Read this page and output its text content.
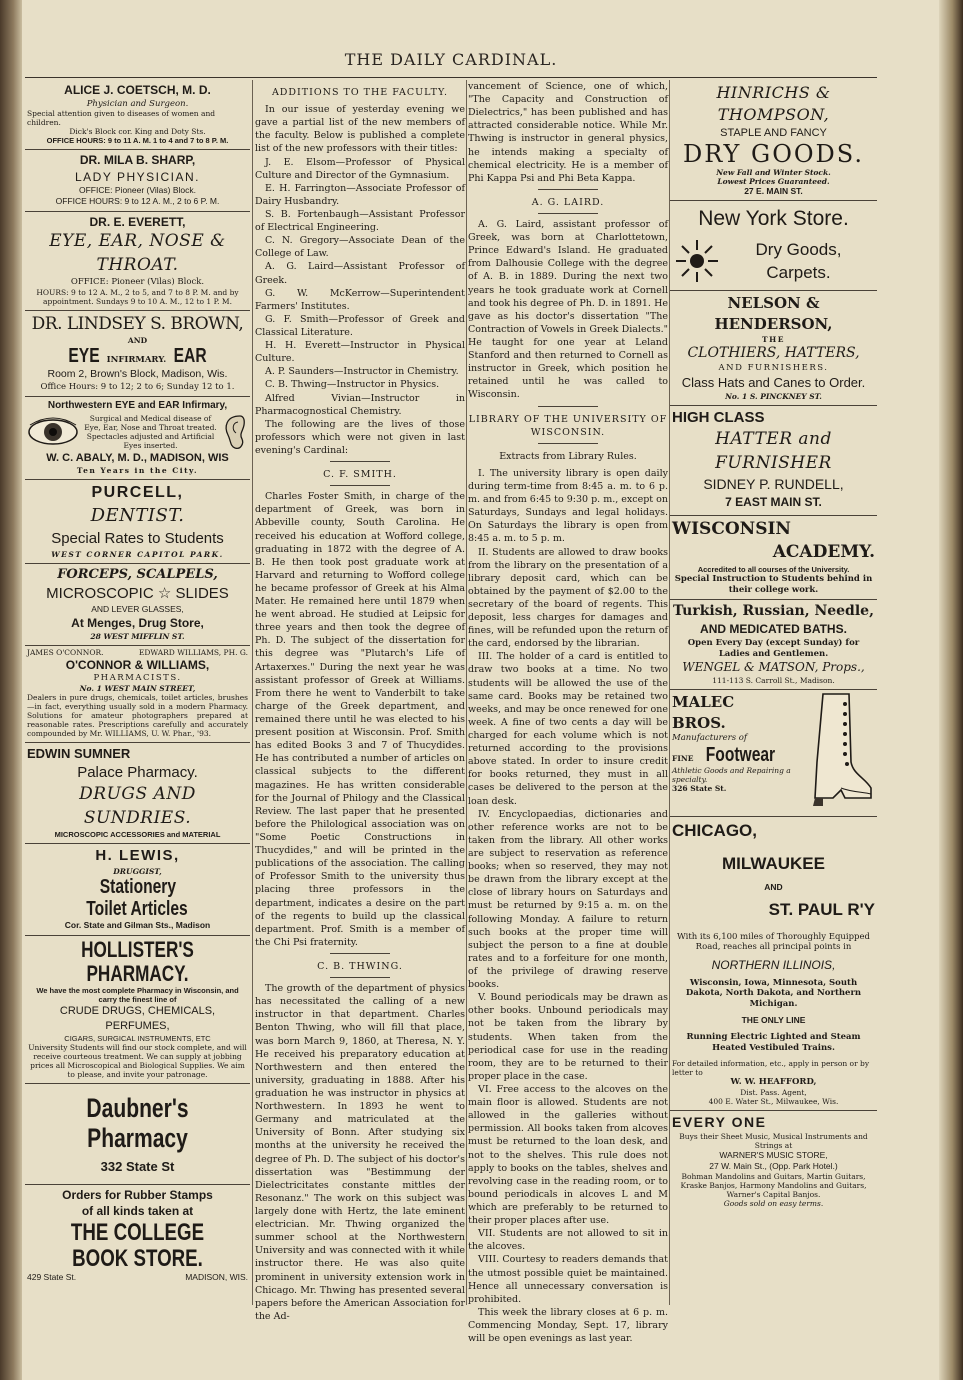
THE DAILY CARDINAL.
ALICE J. COETSCH, M. D.
Physician and Surgeon.
Special attention given to diseases of women and children.
Dick's Block cor. King and Doty Sts.
OFFICE HOURS: 9 to 11 A. M. 1 to 4 and 7 to 8 P. M.
DR. MILA B. SHARP,
LADY PHYSICIAN.
OFFICE: Pioneer (Vilas) Block.
OFFICE HOURS: 9 to 12 A. M., 2 to 6 P. M.
DR. E. EVERETT,
EYE, EAR, NOSE & THROAT.
OFFICE: Pioneer (Vilas) Block.
HOURS: 9 to 12 A. M., 2 to 5, and 7 to 8 P. M. and by appointment. Sundays 9 to 10 A. M., 12 to 1 P. M.
DR. LINDSEY S. BROWN,
AND
EYE INFIRMARY. EAR
Room 2, Brown's Block, Madison, Wis.
Office Hours: 9 to 12; 2 to 6; Sunday 12 to 1.
Northwestern EYE and EAR Infirmary,
Surgical and Medical disease of Eye, Ear, Nose and Throat treated. Spectacles adjusted and Artificial Eyes inserted.
W. C. ABALY, M. D., MADISON, WIS
Ten Years in the City.
PURCELL,
DENTIST.
Special Rates to Students
WEST CORNER CAPITOL PARK.
FORCEPS, SCALPELS,
MICROSCOPIC ☆ SLIDES
AND LEVER GLASSES,
At Menges, Drug Store,
28 WEST MIFFLIN ST.
JAMES O'CONNOR.	EDWARD WILLIAMS, PH. G.
O'CONNOR & WILLIAMS,
PHARMACISTS.
No. 1 WEST MAIN STREET,
Dealers in pure drugs, chemicals, toilet articles, brushes—in fact, everything usually sold in a modern Pharmacy. Solutions for amateur photographers prepared at reasonable rates. Prescriptions carefully and accurately compounded by Mr. WILLIAMS, U. W. Phar., '93.
EDWIN SUMNER
Palace Pharmacy.
DRUGS AND SUNDRIES.
MICROSCOPIC ACCESSORIES and MATERIAL
H. LEWIS,
DRUGGIST,
Stationery Toilet Articles
Cor. State and Gilman Sts., Madison
HOLLISTER'S PHARMACY.
We have the most complete Pharmacy in Wisconsin, and carry the finest line of
CRUDE DRUGS, CHEMICALS, PERFUMES,
CIGARS, SURGICAL INSTRUMENTS, ETC
University Students will find our stock complete, and will receive courteous treatment. We can supply at jobbing prices all Microscopical and Biological Supplies. We aim to please, and invite your patronage.
Daubner's Pharmacy
332 State St
Orders for Rubber Stamps
of all kinds taken at
THE COLLEGE BOOK STORE.
429 State St.	MADISON, WIS.
ADDITIONS TO THE FACULTY.

In our issue of yesterday evening we gave a partial list of the new members of the faculty. Below is published a complete list of the new professors with their titles:

J. E. Elsom—Professor of Physical Culture and Director of the Gymnasium.

E. H. Farrington—Associate Professor of Dairy Husbandry.

S. B. Fortenbaugh—Assistant Professor of Electrical Engineering.

C. N. Gregory—Associate Dean of the College of Law.

A. G. Laird—Assistant Professor of Greek.

G. W. McKerrow—Superintendent Farmers' Institutes.

G. F. Smith—Professor of Greek and Classical Literature.

H. H. Everett—Instructor in Physical Culture.

A. P. Saunders—Instructor in Chemistry.

C. B. Thwing—Instructor in Physics.

Alfred Vivian—Instructor in Pharmacognostical Chemistry.

The following are the lives of those professors which were not given in last evening's Cardinal:

C. F. SMITH.

Charles Foster Smith, in charge of the department of Greek, was born in Abbeville county, South Carolina. He received his education at Wofford college, graduating in 1872 with the degree of A. B. He then took post graduate work at Harvard and returning to Wofford college he became professor of Greek at his Alma Mater. He remained here until 1879 when he went abroad. He studied at Leipsic for three years and then took the degree of Ph. D. The subject of the dissertation for this degree was "Plutarch's Life of Artaxerxes." During the next year he was assistant professor of Greek at Williams. From there he went to Vanderbilt to take charge of the Greek department, and remained there until he was elected to his present position at Wisconsin. Prof. Smith has edited Books 3 and 7 of Thucydides. He has contributed a number of articles on classical subjects to the different magazines. He has written considerable for the Journal of Philogy and the Classical Review. The last paper that he presented before the Philological association was on "Some Poetic Constructions in Thucydides," and will be printed in the publications of the association. The calling of Professor Smith to the university thus placing three professors in the department, indicates a desire on the part of the regents to build up the classical department. Prof. Smith is a member of the Chi Psi fraternity.

C. B. THWING.

The growth of the department of physics has necessitated the calling of a new instructor in that department. Charles Benton Thwing, who will fill that place, was born March 9, 1860, at Theresa, N. Y. He received his preparatory education at Northwestern and then entered the university, graduating in 1888. After his graduation he was instructor in physics at Northwestern. In 1893 he went to Germany and matriculated at the University of Bonn. After studying six months at the university he received the degree of Ph. D. The subject of his doctor's dissertation was "Bestimmung der Dielectricitates constante mittles der Resonanz." The work on this subject was largely done with Hertz, the late eminent electrician. Mr. Thwing organized the summer school at the Northwestern University and was connected with it while instructor there. He was also quite prominent in university extension work in Chicago. Mr. Thwing has presented several papers before the American Association for the Ad-

vancement of Science, one of which, "The Capacity and Construction of Dielectrics," has been published and has attracted considerable notice. While Mr. Thwing is instructor in general physics, he intends making a specialty of chemical electricity. He is a member of Phi Kappa Psi and Phi Beta Kappa.

A. G. LAIRD.

A. G. Laird, assistant professor of Greek, was born at Charlottetown, Prince Edward's Island. He graduated from Dalhousie College with the degree of A. B. in 1889. During the next two years he took graduate work at Cornell and took his degree of Ph. D. in 1891. He gave as his doctor's dissertation "The Contraction of Vowels in Greek Dialects." He taught for one year at Leland Stanford and then returned to Cornell as instructor in Greek, which position he retained until he was called to Wisconsin.

LIBRARY OF THE UNIVERSITY OF WISCONSIN.
Extracts from Library Rules.

I. The university library is open daily during term-time from 8:45 a. m. to 6 p. m. and from 6:45 to 9:30 p. m., except on Saturdays, Sundays and legal holidays. On Saturdays the library is open from 8:45 a. m. to 5 p. m.

II. Students are allowed to draw books from the library on the presentation of a library deposit card, which can be obtained by the payment of $2.00 to the secretary of the board of regents. This deposit, less charges for damages and fines, will be refunded upon the return of the card, endorsed by the librarian.

III. The holder of a card is entitled to draw two books at a time. No two students will be allowed the use of the same card. Books may be retained two weeks, and may be once renewed for one week. A fine of two cents a day will be charged for each volume which is not returned according to the provisions above stated. In order to insure credit for books returned, they must in all cases be delivered to the person at the loan desk.

IV. Encyclopaedias, dictionaries and other reference works are not to be taken from the library. All other works are subject to reservation as reference books; when so reserved, they may not be drawn from the library except at the close of library hours on Saturdays and must be returned by 9:15 a. m. on the following Monday. A failure to return such books at the proper time will subject the person to a fine at double rates and to a forfeiture for one month, of the privilege of drawing reserve books.

V. Bound periodicals may be drawn as other books. Unbound periodicals may not be taken from the library by students. When taken from the periodical case for use in the reading room, they are to be returned to their proper place in the case.

VI. Free access to the alcoves on the main floor is allowed. Students are not allowed in the galleries without permission. All books taken from alcoves must be returned to the loan desk, and not to the shelves. This rule does not apply to books on the tables, shelves and revolving case in the reading room, or to bound periodicals in alcoves L and M which are preferably to be returned to their proper places after use.

VII. Students are not allowed to sit in the alcoves.

VIII. Courtesy to readers demands that the utmost possible quiet be maintained. Hence all unnecessary conversation is prohibited.

This week the library closes at 6 p. m. Commencing Monday, Sept. 17, library will be open evenings as last year.

HINRICHS & THOMPSON,
STAPLE AND FANCY
DRY GOODS.
New Fall and Winter Stock.
Lowest Prices Guaranteed.
27 E. MAIN ST.
New York Store.
Dry Goods,
Carpets.
NELSON & HENDERSON,
THE
CLOTHIERS, HATTERS,
AND FURNISHERS.
Class Hats and Canes to Order.
No. 1 S. PINCKNEY ST.
HIGH CLASS
HATTER and FURNISHER
SIDNEY P. RUNDELL,
7 EAST MAIN ST.
WISCONSIN
ACADEMY.
Accredited to all courses of the University.
Special Instruction to Students behind in their college work.
Turkish, Russian, Needle,
AND MEDICATED BATHS.
Open Every Day (except Sunday) for Ladies and Gentlemen.
WENGEL & MATSON, Props.,
111-113 S. Carroll St., Madison.
MALEC BROS.
Manufacturers of
FINE Footwear
Athletic Goods and Repairing a specialty.
326 State St.
CHICAGO,
MILWAUKEE
AND
ST. PAUL R'Y
With its 6,100 miles of Thoroughly Equipped Road, reaches all principal points in
NORTHERN ILLINOIS,
Wisconsin, Iowa, Minnesota, South Dakota, North Dakota, and Northern Michigan.
THE ONLY LINE
Running Electric Lighted and Steam Heated Vestibuled Trains.
For detailed information, etc., apply in person or by letter to
W. W. HEAFFORD,
Dist. Pass. Agent,
400 E. Water St., Milwaukee, Wis.
EVERY ONE
Buys their Sheet Music, Musical Instruments and Strings at
WARNER'S MUSIC STORE,
27 W. Main St., (Opp. Park Hotel.)
Bohman Mandolins and Guitars, Martin Guitars, Kraske Banjos, Harmony Mandolins and Guitars, Warner's Capital Banjos.
Goods sold on easy terms.
